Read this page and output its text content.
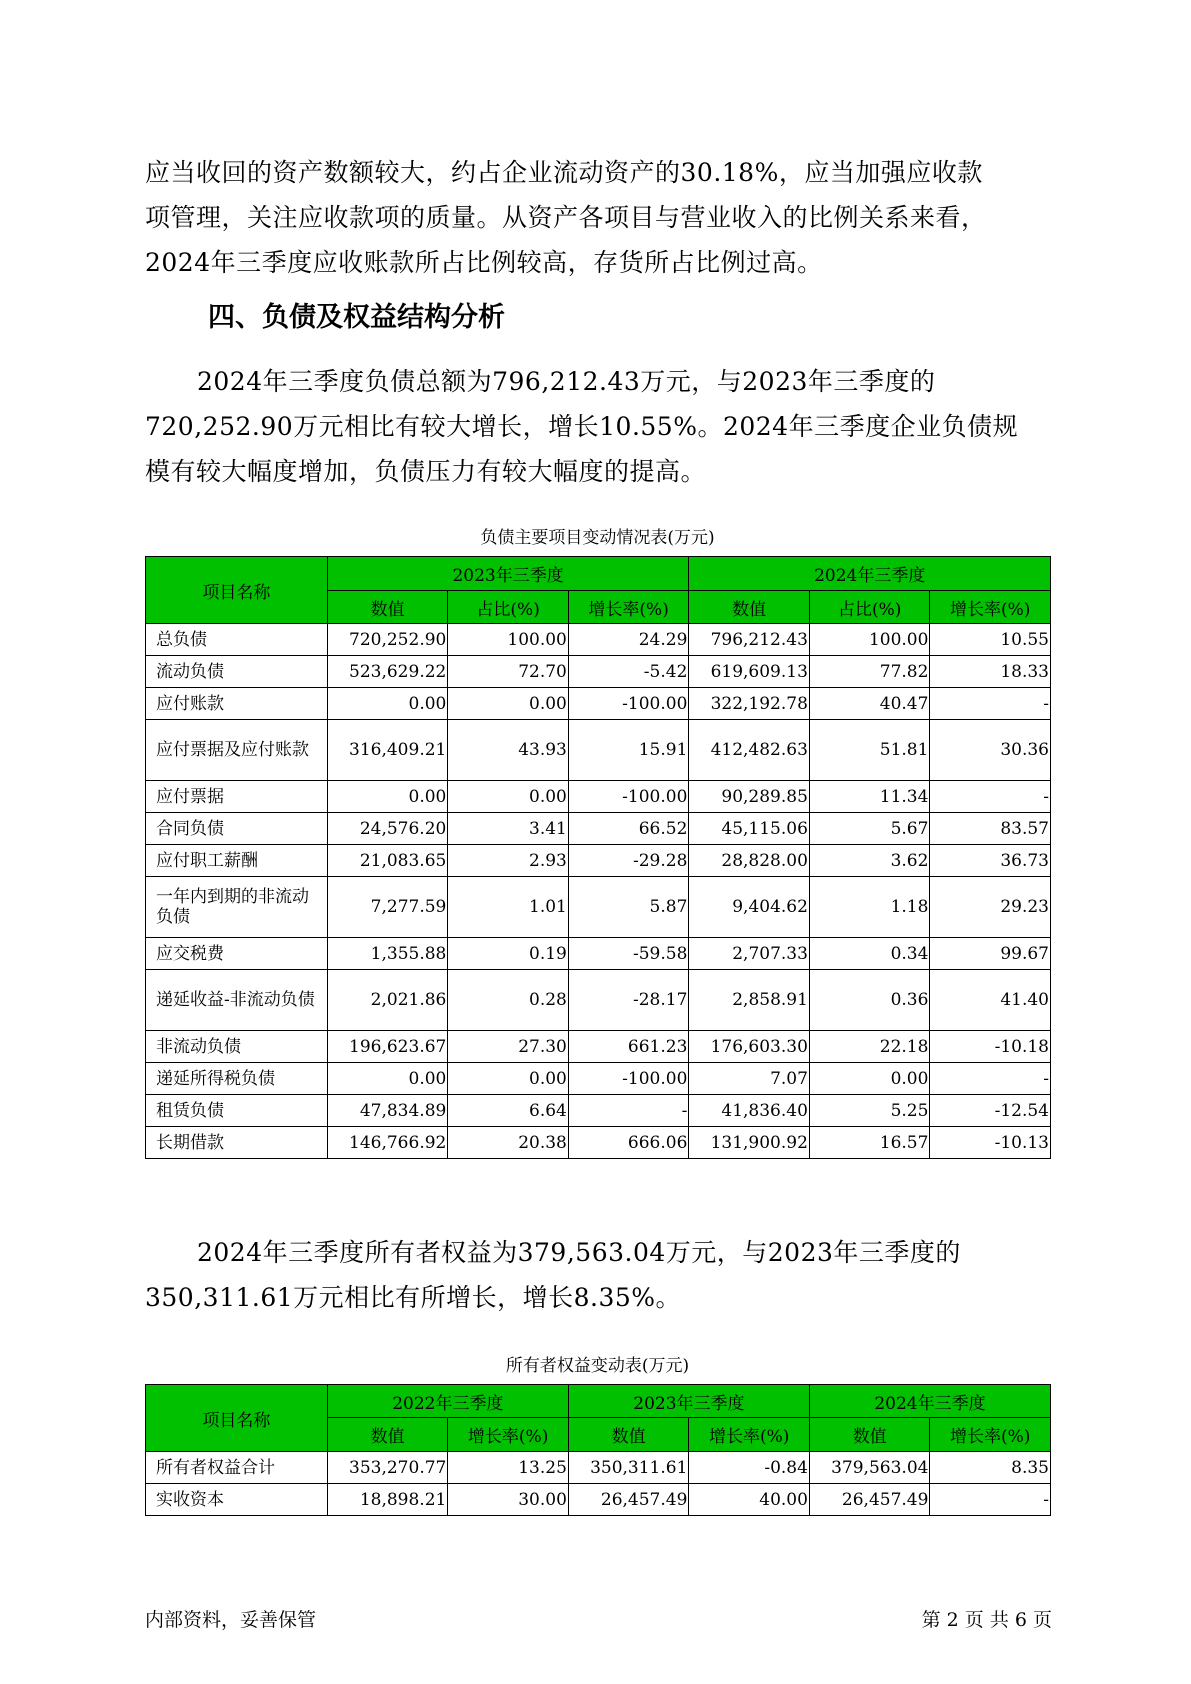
应当收回的资产数额较大，约占企业流动资产的30.18%，应当加强应收款

项管理，关注应收款项的质量。从资产各项目与营业收入的比例关系来看，

2024年三季度应收账款所占比例较高，存货所占比例过高。

四、负债及权益结构分析

2024年三季度负债总额为796,212.43万元，与2023年三季度的

720,252.90万元相比有较大增长，增长10.55%。2024年三季度企业负债规

模有较大幅度增加，负债压力有较大幅度的提高。

负债主要项目变动情况表(万元)
项目名称	2023年三季度			2024年三季度		
	数值	占比(%)	增长率(%)	数值	占比(%)	增长率(%)
总负债	720,252.90	100.00	24.29	796,212.43	100.00	10.55
流动负债	523,629.22	72.70	-5.42	619,609.13	77.82	18.33
应付账款	0.00	0.00	-100.00	322,192.78	40.47	-
应付票据及应付账款	316,409.21	43.93	15.91	412,482.63	51.81	30.36
应付票据	0.00	0.00	-100.00	90,289.85	11.34	-
合同负债	24,576.20	3.41	66.52	45,115.06	5.67	83.57
应付职工薪酬	21,083.65	2.93	-29.28	28,828.00	3.62	36.73
一年内到期的非流动负债	7,277.59	1.01	5.87	9,404.62	1.18	29.23
应交税费	1,355.88	0.19	-59.58	2,707.33	0.34	99.67
递延收益-非流动负债	2,021.86	0.28	-28.17	2,858.91	0.36	41.40
非流动负债	196,623.67	27.30	661.23	176,603.30	22.18	-10.18
递延所得税负债	0.00	0.00	-100.00	7.07	0.00	-
租赁负债	47,834.89	6.64	-	41,836.40	5.25	-12.54
长期借款	146,766.92	20.38	666.06	131,900.92	16.57	-10.13

2024年三季度所有者权益为379,563.04万元，与2023年三季度的

350,311.61万元相比有所增长，增长8.35%。

所有者权益变动表(万元)
项目名称	2022年三季度		2023年三季度		2024年三季度	
	数值	增长率(%)	数值	增长率(%)	数值	增长率(%)
所有者权益合计	353,270.77	13.25	350,311.61	-0.84	379,563.04	8.35
实收资本	18,898.21	30.00	26,457.49	40.00	26,457.49	-
内部资料，妥善保管	第 2 页 共 6 页
